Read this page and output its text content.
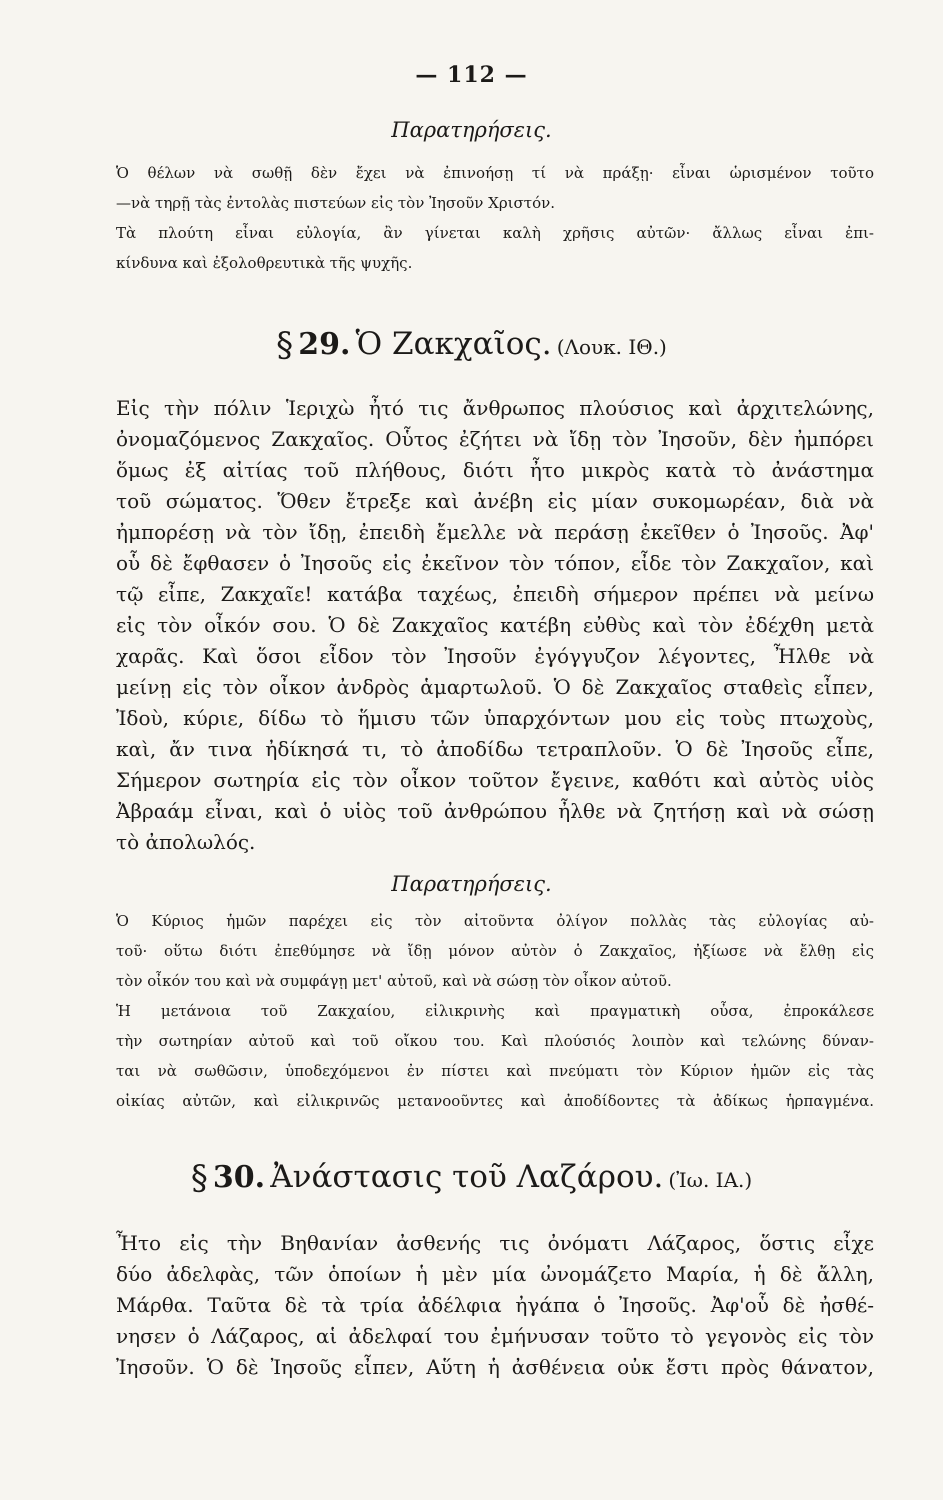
— 112 —
Παρατηρήσεις.
Ὁ θέλων νὰ σωθῇ δὲν ἔχει νὰ ἐπινοήσῃ τί νὰ πράξῃ· εἶναι ὡρισμένον τοῦτο
—νὰ τηρῇ τὰς ἐντολὰς πιστεύων εἰς τὸν Ἰησοῦν Χριστόν.
Τὰ πλούτη εἶναι εὐλογία, ἂν γίνεται καλὴ χρῆσις αὐτῶν· ἄλλως εἶναι ἐπι-
κίνδυνα καὶ ἐξολοθρευτικὰ τῆς ψυχῆς.
§ 29. Ὁ Ζακχαῖος. (Λουκ. ΙΘ.)
Εἰς τὴν πόλιν Ἱεριχὼ ἦτό τις ἄνθρωπος πλούσιος καὶ ἀρχιτελώνης,
ὀνομαζόμενος Ζακχαῖος. Οὗτος ἐζήτει νὰ ἴδῃ τὸν Ἰησοῦν, δὲν ἠμπόρει
ὅμως ἐξ αἰτίας τοῦ πλήθους, διότι ἦτο μικρὸς κατὰ τὸ ἀνάστημα
τοῦ σώματος. Ὅθεν ἔτρεξε καὶ ἀνέβη εἰς μίαν συκομωρέαν, διὰ νὰ
ἠμπορέσῃ νὰ τὸν ἴδῃ, ἐπειδὴ ἔμελλε νὰ περάσῃ ἐκεῖθεν ὁ Ἰησοῦς. Ἀφ'
οὗ δὲ ἔφθασεν ὁ Ἰησοῦς εἰς ἐκεῖνον τὸν τόπον, εἶδε τὸν Ζακχαῖον, καὶ
τῷ εἶπε, Ζακχαῖε! κατάβα ταχέως, ἐπειδὴ σήμερον πρέπει νὰ μείνω
εἰς τὸν οἶκόν σου. Ὁ δὲ Ζακχαῖος κατέβη εὐθὺς καὶ τὸν ἐδέχθη μετὰ
χαρᾶς. Καὶ ὅσοι εἶδον τὸν Ἰησοῦν ἐγόγγυζον λέγοντες, Ἦλθε νὰ
μείνῃ εἰς τὸν οἶκον ἀνδρὸς ἁμαρτωλοῦ. Ὁ δὲ Ζακχαῖος σταθεὶς εἶπεν,
Ἰδοὺ, κύριε, δίδω τὸ ἥμισυ τῶν ὑπαρχόντων μου εἰς τοὺς πτωχοὺς,
καὶ, ἄν τινα ἠδίκησά τι, τὸ ἀποδίδω τετραπλοῦν. Ὁ δὲ Ἰησοῦς εἶπε,
Σήμερον σωτηρία εἰς τὸν οἶκον τοῦτον ἔγεινε, καθότι καὶ αὐτὸς υἱὸς
Ἀβραάμ εἶναι, καὶ ὁ υἱὸς τοῦ ἀνθρώπου ἦλθε νὰ ζητήσῃ καὶ νὰ σώσῃ
τὸ ἀπολωλός.
Παρατηρήσεις.
Ὁ Κύριος ἡμῶν παρέχει εἰς τὸν αἰτοῦντα ὀλίγον πολλὰς τὰς εὐλογίας αὐ-
τοῦ· οὕτω διότι ἐπεθύμησε νὰ ἴδῃ μόνον αὐτὸν ὁ Ζακχαῖος, ἠξίωσε νὰ ἔλθῃ εἰς
τὸν οἶκόν του καὶ νὰ συμφάγῃ μετ' αὐτοῦ, καὶ νὰ σώσῃ τὸν οἶκον αὐτοῦ.
Ἡ μετάνοια τοῦ Ζακχαίου, εἰλικρινὴς καὶ πραγματικὴ οὖσα, ἐπροκάλεσε
τὴν σωτηρίαν αὐτοῦ καὶ τοῦ οἴκου του. Καὶ πλούσιός λοιπὸν καὶ τελώνης δύναν-
ται νὰ σωθῶσιν, ὑποδεχόμενοι ἐν πίστει καὶ πνεύματι τὸν Κύριον ἡμῶν εἰς τὰς
οἰκίας αὐτῶν, καὶ εἰλικρινῶς μετανοοῦντες καὶ ἀποδίδοντες τὰ ἀδίκως ἡρπαγμένα.
§ 30. Ἀνάστασις τοῦ Λαζάρου. (Ἰω. ΙΑ.)
Ἦτο εἰς τὴν Βηθανίαν ἀσθενής τις ὀνόματι Λάζαρος, ὅστις εἶχε
δύο ἀδελφὰς, τῶν ὁποίων ἡ μὲν μία ὠνομάζετο Μαρία, ἡ δὲ ἄλλη,
Μάρθα. Ταῦτα δὲ τὰ τρία ἀδέλφια ἠγάπα ὁ Ἰησοῦς. Ἀφ'οὗ δὲ ἠσθέ-
νησεν ὁ Λάζαρος, αἱ ἀδελφαί του ἐμήνυσαν τοῦτο τὸ γεγονὸς εἰς τὸν
Ἰησοῦν. Ὁ δὲ Ἰησοῦς εἶπεν, Αὕτη ἡ ἀσθένεια οὐκ ἔστι πρὸς θάνατον,
